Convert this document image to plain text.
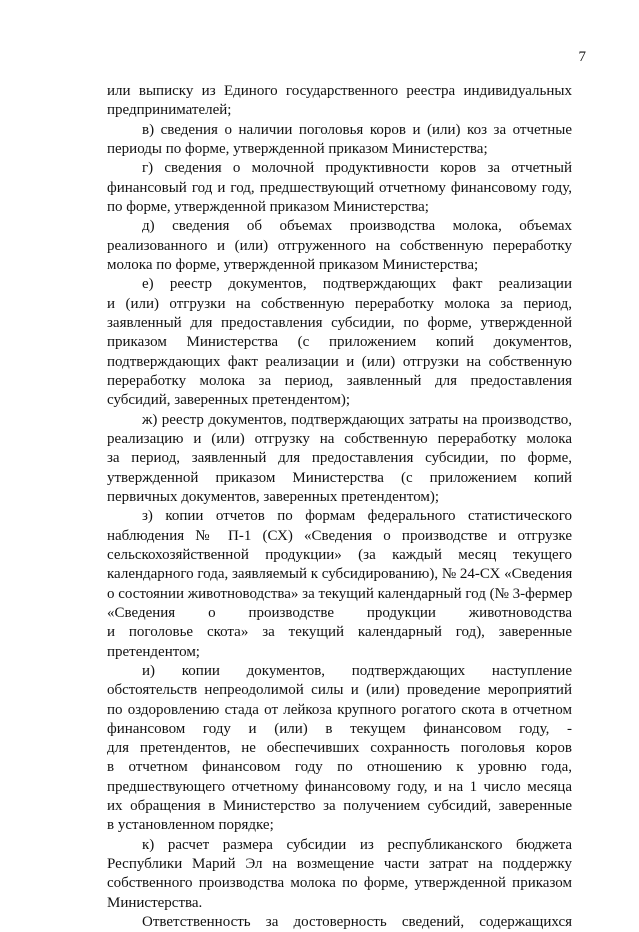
7
или выписку из Единого государственного реестра индивидуальных
предпринимателей;
в) сведения о наличии поголовья коров и (или) коз за отчетные
периоды по форме, утвержденной приказом Министерства;
г) сведения о молочной продуктивности коров за отчетный
финансовый год и год, предшествующий отчетному финансовому году,
по форме, утвержденной приказом Министерства;
д) сведения об объемах производства молока, объемах
реализованного и (или) отгруженного на собственную переработку
молока по форме, утвержденной приказом Министерства;
е) реестр документов, подтверждающих факт реализации
и (или) отгрузки на собственную переработку молока за период,
заявленный для предоставления субсидии, по форме, утвержденной
приказом Министерства (с приложением копий документов,
подтверждающих факт реализации и (или) отгрузки на собственную
переработку молока за период, заявленный для предоставления
субсидий, заверенных претендентом);
ж) реестр документов, подтверждающих затраты на производство,
реализацию и (или) отгрузку на собственную переработку молока
за период, заявленный для предоставления субсидии, по форме,
утвержденной приказом Министерства (с приложением копий
первичных документов, заверенных претендентом);
з) копии отчетов по формам федерального статистического
наблюдения № П-1 (СХ) «Сведения о производстве и отгрузке
сельскохозяйственной продукции» (за каждый месяц текущего
календарного года, заявляемый к субсидированию), № 24-СХ «Сведения
о состоянии животноводства» за текущий календарный год (№ 3-фермер
«Сведения о производстве продукции животноводства
и поголовье скота» за текущий календарный год), заверенные
претендентом;
и) копии документов, подтверждающих наступление
обстоятельств непреодолимой силы и (или) проведение мероприятий
по оздоровлению стада от лейкоза крупного рогатого скота в отчетном
финансовом году и (или) в текущем финансовом году, -
для претендентов, не обеспечивших сохранность поголовья коров
в отчетном финансовом году по отношению к уровню года,
предшествующего отчетному финансовому году, и на 1 число месяца
их обращения в Министерство за получением субсидий, заверенные
в установленном порядке;
к) расчет размера субсидии из республиканского бюджета
Республики Марий Эл на возмещение части затрат на поддержку
собственного производства молока по форме, утвержденной приказом
Министерства.
Ответственность за достоверность сведений, содержащихся
